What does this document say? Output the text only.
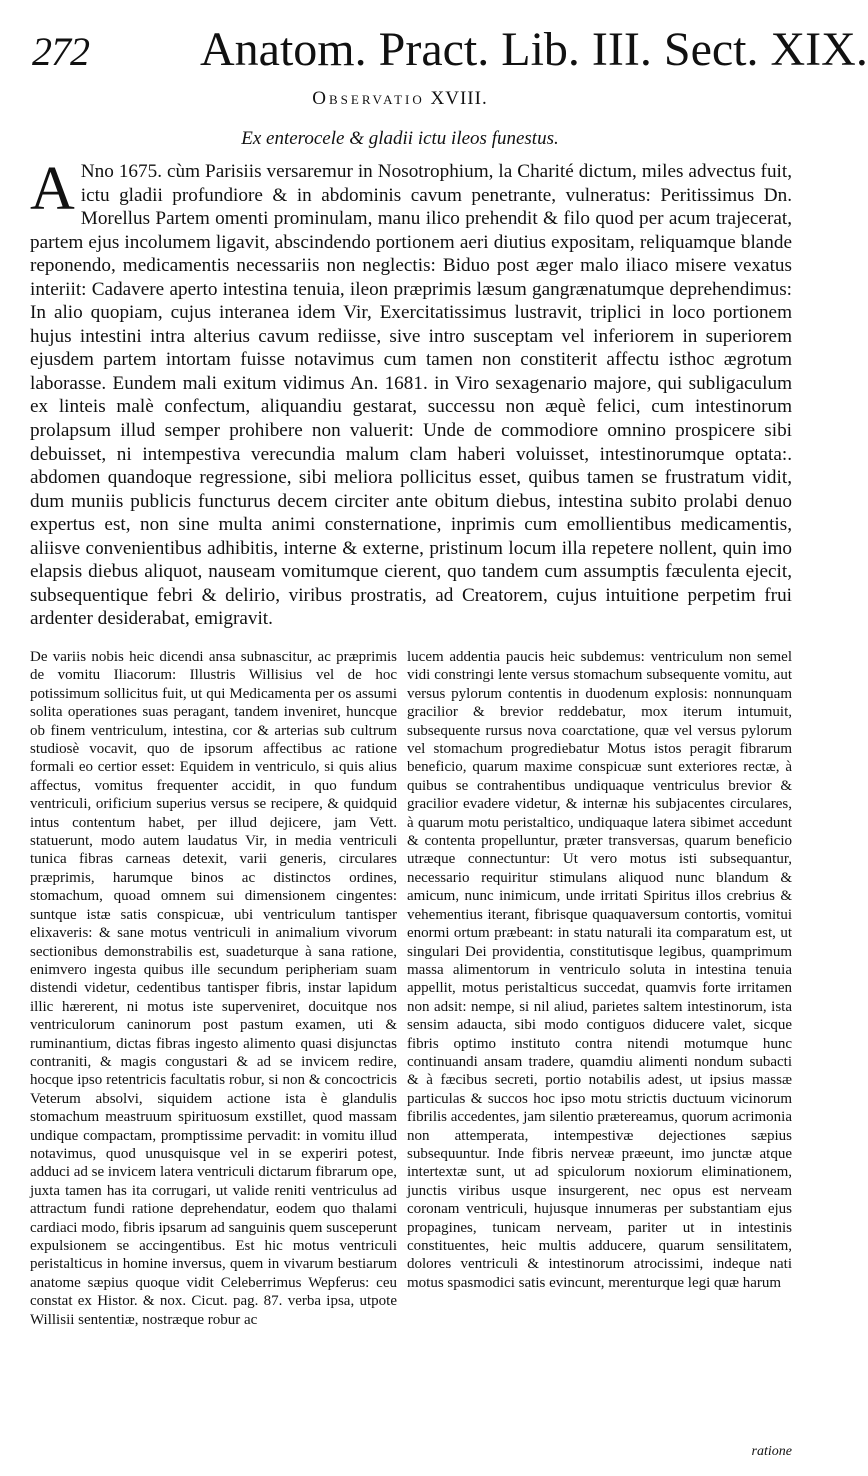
272 Anatom. Pract. Lib. III. Sect. XIX.
Observatio XVIII.
Ex enterocele & gladii ictu ileos funestus.
A Nno 1675. cùm Parisiis versaremur in Nosotrophium, la Charité dictum, miles advectus fuit, ictu gladii profundiore & in abdominis cavum penetrante, vulneratus: Peritissimus Dn. Morellus Partem omenti prominulam, manu ilico prehendit & filo quod per acum trajecerat, partem ejus incolumem ligavit, abscindendo portionem aeri diutius expositam, reliquamque blande reponendo, medicamentis necessariis non neglectis: Biduo post æger malo iliaco misere vexatus interiit: Cadavere aperto intestina tenuia, ileon præprimis læsum gangrænatumque deprehendimus: In alio quopiam, cujus interanea idem Vir, Exercitatissimus lustravit, triplici in loco portionem hujus intestini intra alterius cavum rediisse, sive intro susceptam vel inferiorem in superiorem ejusdem partem intortam fuisse notavimus cum tamen non constiterit affectu isthoc ægrotum laborasse. Eundem mali exitum vidimus An. 1681. in Viro sexagenario majore, qui subligaculum ex linteis malè confectum, aliquandiu gestarat, successu non æquè felici, cum intestinorum prolapsum illud semper prohibere non valuerit: Unde de commodiore omnino prospicere sibi debuisset, ni intempestiva verecundia malum clam haberi voluisset, intestinorumque optata:. abdomen quandoque regressione, sibi meliora pollicitus esset, quibus tamen se frustratum vidit, dum muniis publicis functurus decem circiter ante obitum diebus, intestina subito prolabi denuo expertus est, non sine multa animi consternatione, inprimis cum emollientibus medicamentis, aliisve convenientibus adhibitis, interne & externe, pristinum locum illa repetere nollent, quin imo elapsis diebus aliquot, nauseam vomitumque cierent, quo tandem cum assumptis fæculenta ejecit, subsequentique febri & delirio, viribus prostratis, ad Creatorem, cujus intuitione perpetim frui ardenter desiderabat, emigravit.

De variis nobis heic dicendi ansa subnascitur, ac præprimis de vomitu Iliacorum: Illustris Willisius vel de hoc potissimum sollicitus fuit, ut qui Medicamenta per os assumi solita operationes suas peragant, tandem inveniret, huncque ob finem ventriculum, intestina, cor & arterias sub cultrum studiosè vocavit, quo de ipsorum affectibus ac ratione formali eo certior esset: Equidem in ventriculo, si quis alius affectus, vomitus frequenter accidit, in quo fundum ventriculi, orificium superius versus se recipere, & quidquid intus contentum habet, per illud dejicere, jam Vett. statuerunt, modo autem laudatus Vir, in media ventriculi tunica fibras carneas detexit, varii generis, circulares præprimis, harumque binos ac distinctos ordines, stomachum, quoad omnem sui dimensionem cingentes: suntque istæ satis conspicuæ, ubi ventriculum tantisper elixaveris: & sane motus ventriculi in animalium vivorum sectionibus demonstrabilis est, suadeturque à sana ratione, enimvero ingesta quibus ille secundum peripheriam suam distendi videtur, cedentibus tantisper fibris, instar lapidum illic hærerent, ni motus iste superveniret, docuitque nos ventriculorum caninorum post pastum examen, uti & ruminantium, dictas fibras ingesto alimento quasi disjunctas contraniti, & magis congustari & ad se invicem redire, hocque ipso retentricis facultatis robur, si non & concoctricis Veterum absolvi, siquidem actione ista è glandulis stomachum meastruum spirituosum exstillet, quod massam undique compactam, promptissime pervadit: in vomitu illud notavimus, quod unusquisque vel in se experiri potest, adduci ad se invicem latera ventriculi dictarum fibrarum ope, juxta tamen has ita corrugari, ut valide reniti ventriculus ad attractum fundi ratione deprehendatur, eodem quo thalami cardiaci modo, fibris ipsarum ad sanguinis quem susceperunt expulsionem se accingentibus. Est hic motus ventriculi peristalticus in homine inversus, quem in vivarum bestiarum anatome sæpius quoque vidit Celeberrimus Wepferus: ceu constat ex Histor. & nox. Cicut. pag. 87. verba ipsa, utpote Willisii sententiæ, nostræque robur ac

lucem addentia paucis heic subdemus: ventriculum non semel vidi constringi lente versus stomachum subsequente vomitu, aut versus pylorum contentis in duodenum explosis: nonnunquam gracilior & brevior reddebatur, mox iterum intumuit, subsequente rursus nova coarctatione, quæ vel versus pylorum vel stomachum progrediebatur Motus istos peragit fibrarum beneficio, quarum maxime conspicuæ sunt exteriores rectæ, à quibus se contrahentibus undiquaque ventriculus brevior & gracilior evadere videtur, & internæ his subjacentes circulares, à quarum motu peristaltico, undiquaque latera sibimet accedunt & contenta propelluntur, præter transversas, quarum beneficio utræque connectuntur: Ut vero motus isti subsequantur, necessario requiritur stimulans aliquod nunc blandum & amicum, nunc inimicum, unde irritati Spiritus illos crebrius & vehementius iterant, fibrisque quaquaversum contortis, vomitui enormi ortum præbeant: in statu naturali ita comparatum est, ut singulari Dei providentia, constitutisque legibus, quamprimum massa alimentorum in ventriculo soluta in intestina tenuia appellit, motus peristalticus succedat, quamvis forte irritamen non adsit: nempe, si nil aliud, parietes saltem intestinorum, ista sensim adaucta, sibi modo contiguos diducere valet, sicque fibris optimo instituto contra nitendi motumque hunc continuandi ansam tradere, quamdiu alimenti nondum subacti & à fæcibus secreti, portio notabilis adest, ut ipsius massæ particulas & succos hoc ipso motu strictis ductuum vicinorum fibrilis accedentes, jam silentio prætereamus, quorum acrimonia non attemperata, intempestivæ dejectiones sæpius subsequuntur. Inde fibris nerveæ præeunt, imo junctæ atque intertextæ sunt, ut ad spiculorum noxiorum eliminationem, junctis viribus usque insurgerent, nec opus est nerveam coronam ventriculi, hujusque innumeras per substantiam ejus propagines, tunicam nerveam, pariter ut in intestinis constituentes, heic multis adducere, quarum sensilitatem, dolores ventriculi & intestinorum atrocissimi, indeque nati motus spasmodici satis evincunt, merenturque legi quæ harum

ratione
